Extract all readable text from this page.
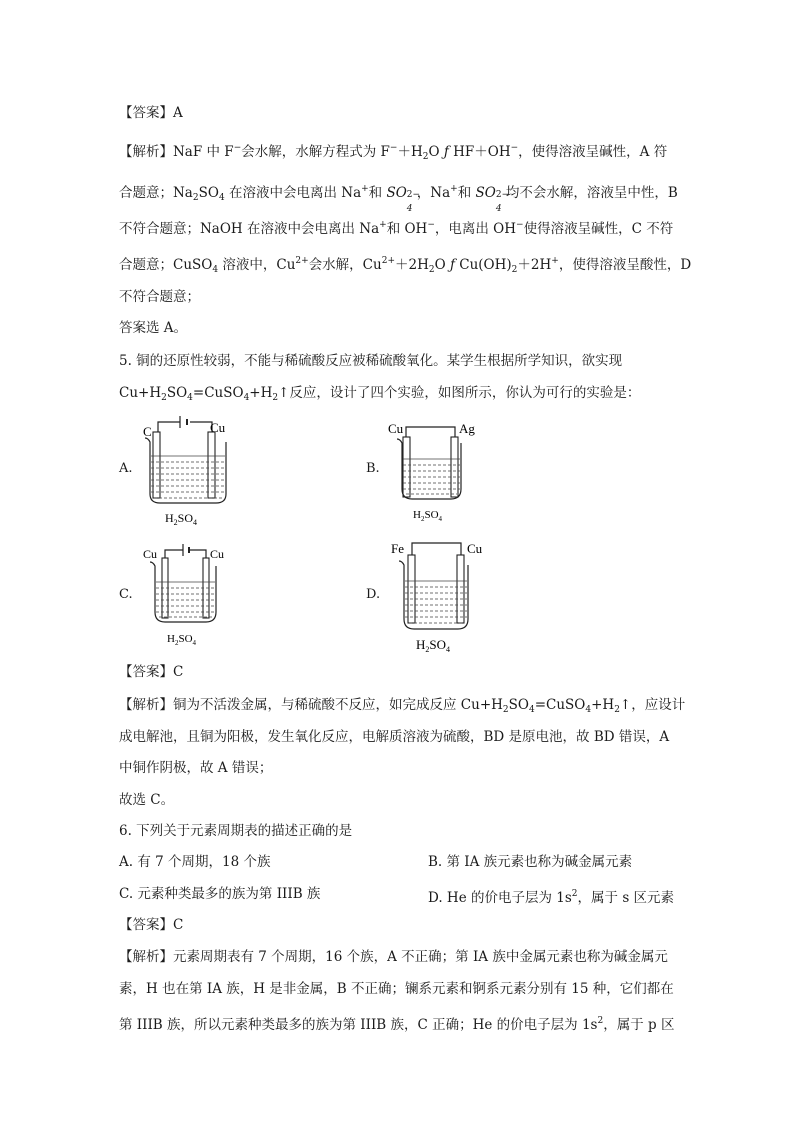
【答案】A
【解析】NaF 中 F−会水解，水解方程式为 $F^-+H_2O$ ƒ HF＋OH−，使得溶液呈碱性，A 符
合题意；$Na_2SO_4$ 在溶液中会电离出 Na+和 SO 2−
4
，Na+和 SO 2−
4
均不会水解，溶液呈中性，B
不符合题意；NaOH 在溶液中会电离出 Na+和 OH−，电离出 OH−使得溶液呈碱性，C 不符
合题意；CuSO$_4$ 溶液中，$Cu^{2+}$会水解，$Cu^{2+}+2H_2O$ ƒ $Cu(OH)_2+2H^+$，使得溶液呈酸性，D
不符合题意；
答案选 A。
5. 铜的还原性较弱，不能与稀硫酸反应被稀硫酸氧化。某学生根据所学知识，欲实现
$Cu+H_2SO_4=CuSO_4+H_2↑$反应，设计了四个实验，如图所示，你认为可行的实验是：
A.
C	Cu
$H_2SO_4$
B.
Cu	Ag
$H_2SO_4$
C.
Cu	Cu
$H_2SO_4$
D.
Fe	Cu
$H_2SO_4$
【答案】C
【解析】铜为不活泼金属，与稀硫酸不反应，如完成反应 $Cu+H_2SO_4=CuSO_4+H_2↑$，应设计
成电解池，且铜为阳极，发生氧化反应，电解质溶液为硫酸，BD 是原电池，故 BD 错误，A
中铜作阴极，故 A 错误；
故选 C。
6. 下列关于元素周期表的描述正确的是
A. 有 7 个周期，18 个族	B. 第 IA 族元素也称为碱金属元素
C. 元素种类最多的族为第 IIIB 族	D. He 的价电子层为 $1s^2$，属于 s 区元素
【答案】C
【解析】元素周期表有 7 个周期，16 个族，A 不正确；第 IA 族中金属元素也称为碱金属元
素，H 也在第 IA 族，H 是非金属，B 不正确；镧系元素和锕系元素分别有 15 种，它们都在
第 IIIB 族，所以元素种类最多的族为第 IIIB 族，C 正确；He 的价电子层为 $1s^2$，属于 p 区
